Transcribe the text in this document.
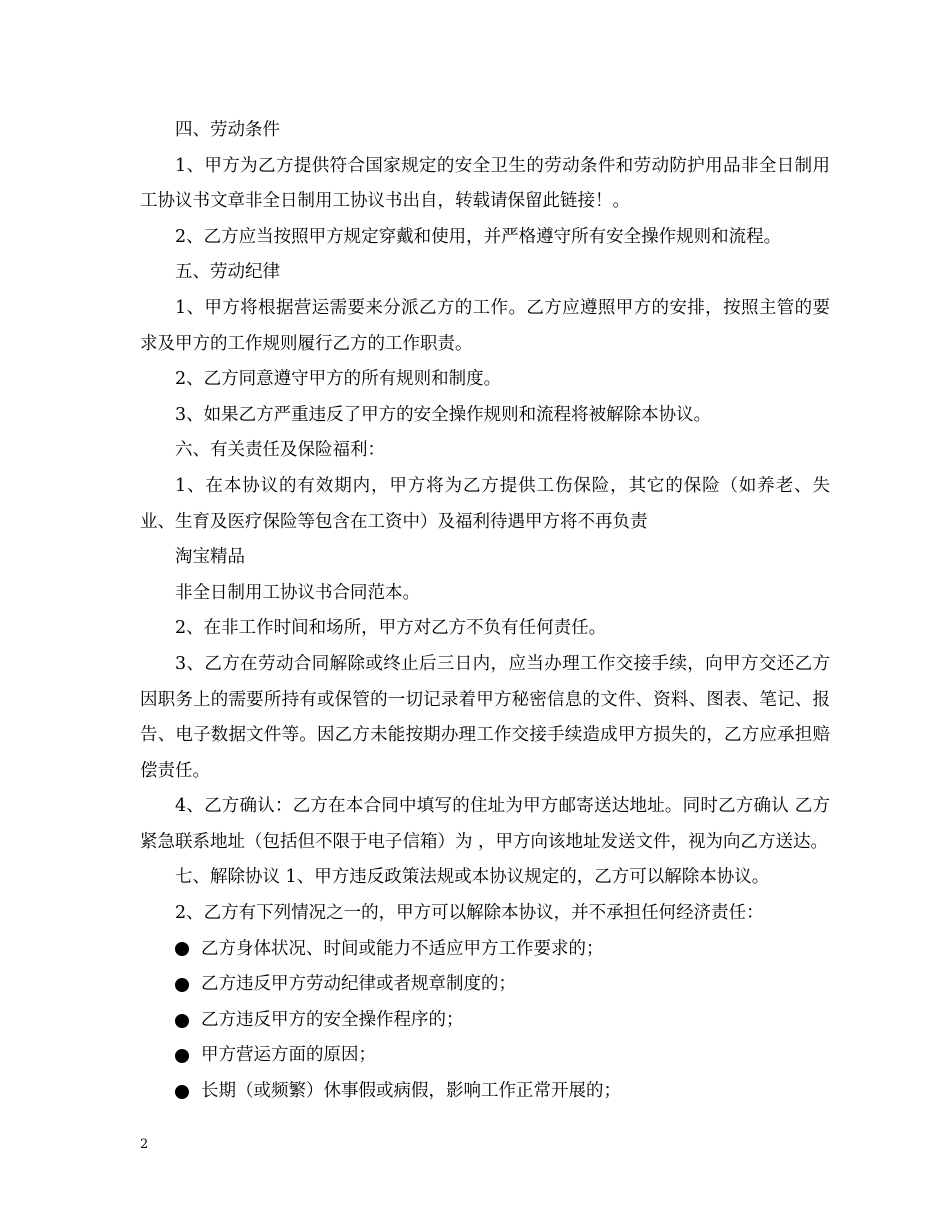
四、劳动条件

1、甲方为乙方提供符合国家规定的安全卫生的劳动条件和劳动防护用品非全日制用工协议书文章非全日制用工协议书出自，转载请保留此链接！。

2、乙方应当按照甲方规定穿戴和使用，并严格遵守所有安全操作规则和流程。

五、劳动纪律

1、甲方将根据营运需要来分派乙方的工作。乙方应遵照甲方的安排，按照主管的要求及甲方的工作规则履行乙方的工作职责。

2、乙方同意遵守甲方的所有规则和制度。

3、如果乙方严重违反了甲方的安全操作规则和流程将被解除本协议。

六、有关责任及保险福利：

1、在本协议的有效期内，甲方将为乙方提供工伤保险，其它的保险（如养老、失业、生育及医疗保险等包含在工资中）及福利待遇甲方将不再负责

淘宝精品

非全日制用工协议书合同范本。

2、在非工作时间和场所，甲方对乙方不负有任何责任。

3、乙方在劳动合同解除或终止后三日内，应当办理工作交接手续，向甲方交还乙方因职务上的需要所持有或保管的一切记录着甲方秘密信息的文件、资料、图表、笔记、报告、电子数据文件等。因乙方未能按期办理工作交接手续造成甲方损失的，乙方应承担赔偿责任。

4、乙方确认：乙方在本合同中填写的住址为甲方邮寄送达地址。同时乙方确认 乙方紧急联系地址（包括但不限于电子信箱）为 ，甲方向该地址发送文件，视为向乙方送达。

七、解除协议 1、甲方违反政策法规或本协议规定的，乙方可以解除本协议。

2、乙方有下列情况之一的，甲方可以解除本协议，并不承担任何经济责任：

乙方身体状况、时间或能力不适应甲方工作要求的；
乙方违反甲方劳动纪律或者规章制度的；
乙方违反甲方的安全操作程序的；
甲方营运方面的原因；
长期（或频繁）休事假或病假，影响工作正常开展的；
2
